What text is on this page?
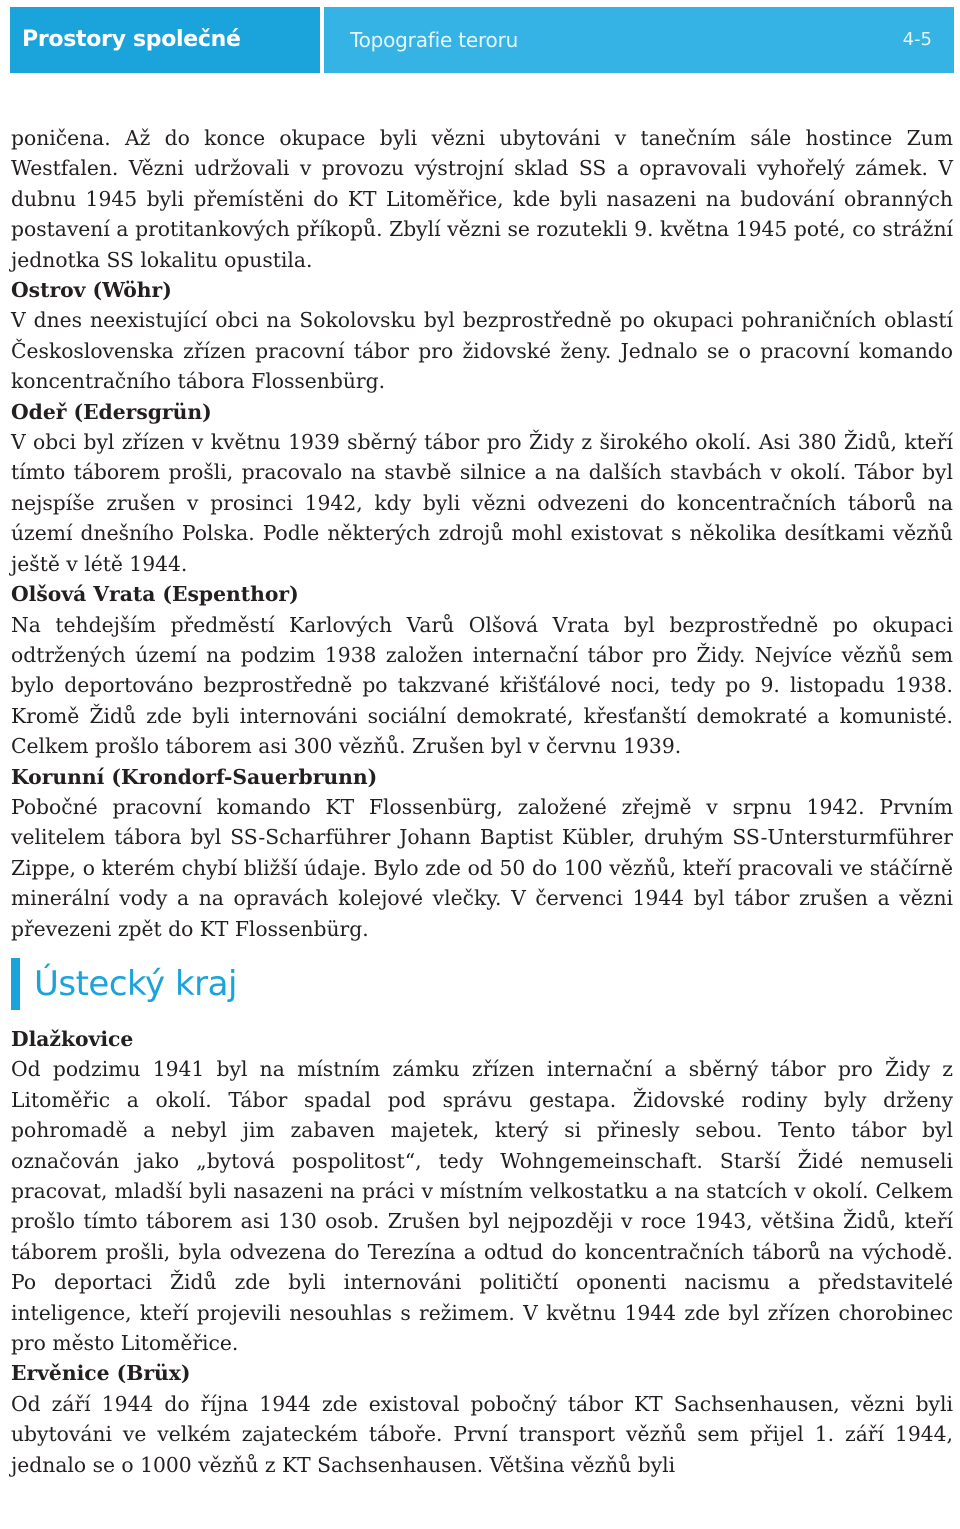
Prostory společné paměti
Topografie teroru	4-5

poničena. Až do konce okupace byli vězni ubytováni v tanečním sále hostince Zum Westfalen. Vězni udržovali v provozu výstrojní sklad SS a opravovali vyhořelý zámek. V dubnu 1945 byli přemístěni do KT Litoměřice, kde byli nasazeni na budování obranných postavení a protitankových příkopů. Zbylí vězni se rozutekli 9. května 1945 poté, co strážní jednotka SS lokalitu opustila.

Ostrov (Wöhr)

V dnes neexistující obci na Sokolovsku byl bezprostředně po okupaci pohraničních oblastí Československa zřízen pracovní tábor pro židovské ženy. Jednalo se o pracovní komando koncentračního tábora Flossenbürg.

Odeř (Edersgrün)

V obci byl zřízen v květnu 1939 sběrný tábor pro Židy z širokého okolí. Asi 380 Židů, kteří tímto táborem prošli, pracovalo na stavbě silnice a na dalších stavbách v okolí. Tábor byl nejspíše zrušen v prosinci 1942, kdy byli vězni odvezeni do koncentračních táborů na území dnešního Polska. Podle některých zdrojů mohl existovat s několika desítkami vězňů ještě v létě 1944.

Olšová Vrata (Espenthor)

Na tehdejším předměstí Karlových Varů Olšová Vrata byl bezprostředně po okupaci odtržených území na podzim 1938 založen internační tábor pro Židy. Nejvíce vězňů sem bylo deportováno bezprostředně po takzvané křišťálové noci, tedy po 9. listopadu 1938. Kromě Židů zde byli internováni sociální demokraté, křesťanští demokraté a komunisté. Celkem prošlo táborem asi 300 vězňů. Zrušen byl v červnu 1939.

Korunní (Krondorf-Sauerbrunn)

Pobočné pracovní komando KT Flossenbürg, založené zřejmě v srpnu 1942. Prvním velitelem tábora byl SS-Scharführer Johann Baptist Kübler, druhým SS-Untersturmführer Zippe, o kterém chybí bližší údaje. Bylo zde od 50 do 100 vězňů, kteří pracovali ve stáčírně minerální vody a na opravách kolejové vlečky. V červenci 1944 byl tábor zrušen a vězni převezeni zpět do KT Flossenbürg.

Ústecký kraj
Dlažkovice

Od podzimu 1941 byl na místním zámku zřízen internační a sběrný tábor pro Židy z Litoměřic a okolí. Tábor spadal pod správu gestapa. Židovské rodiny byly drženy pohromadě a nebyl jim zabaven majetek, který si přinesly sebou. Tento tábor byl označován jako „bytová pospolitost“, tedy Wohngemeinschaft. Starší Židé nemuseli pracovat, mladší byli nasazeni na práci v místním velkostatku a na statcích v okolí. Celkem prošlo tímto táborem asi 130 osob. Zrušen byl nejpozději v roce 1943, většina Židů, kteří táborem prošli, byla odvezena do Terezína a odtud do koncentračních táborů na východě. Po deportaci Židů zde byli internováni političtí oponenti nacismu a představitelé inteligence, kteří projevili nesouhlas s režimem. V květnu 1944 zde byl zřízen chorobinec pro město Litoměřice.

Ervěnice (Brüx)

Od září 1944 do října 1944 zde existoval pobočný tábor KT Sachsenhausen, vězni byli ubytováni ve velkém zajateckém táboře. První transport vězňů sem přijel 1. září 1944, jednalo se o 1000 vězňů z KT Sachsenhausen. Většina vězňů byli
